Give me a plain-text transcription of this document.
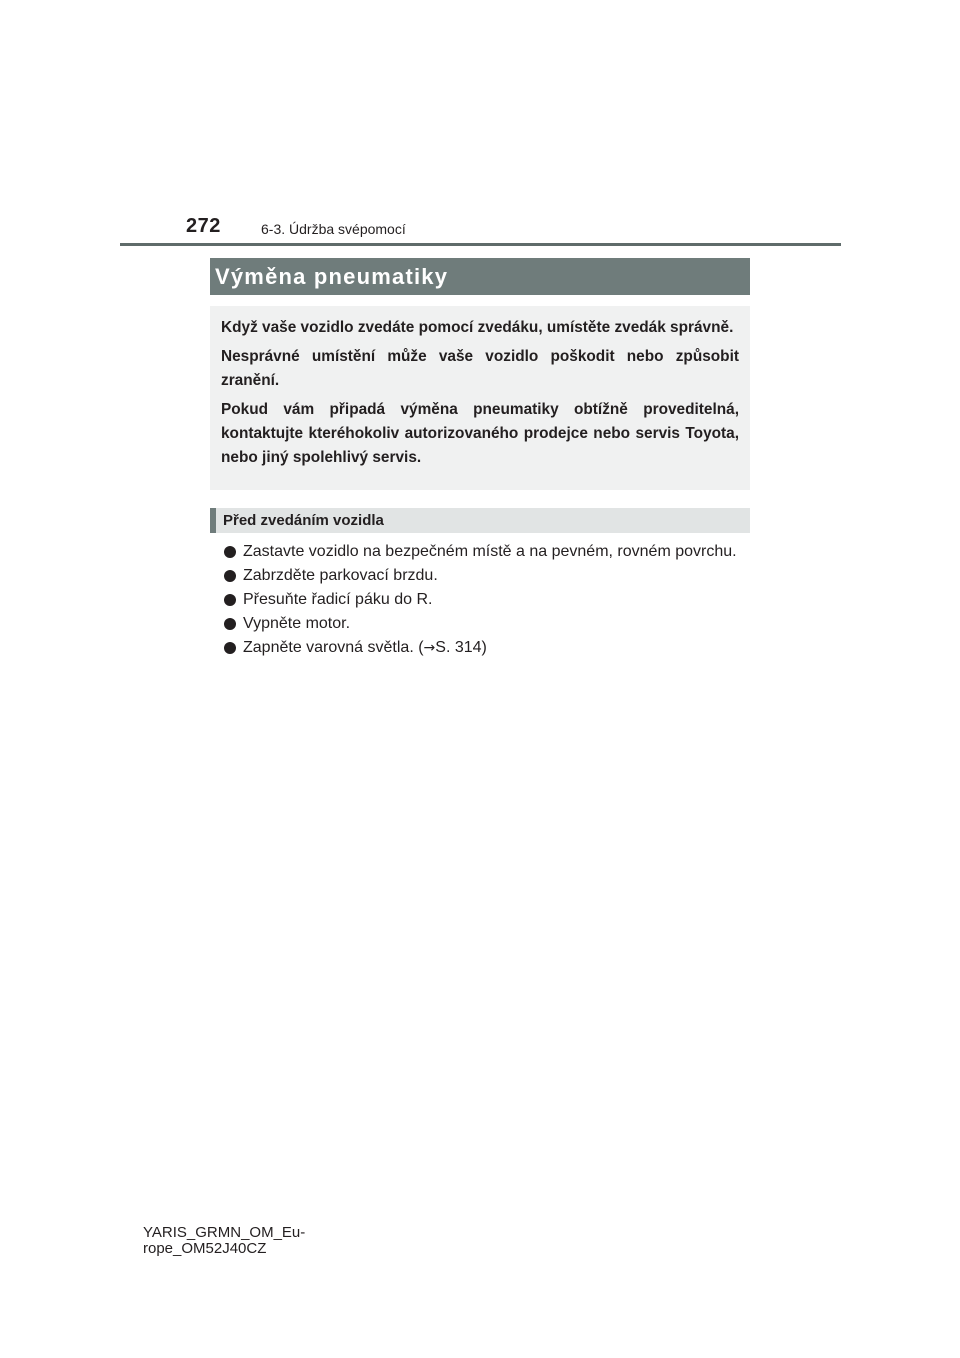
272	6-3. Údržba svépomocí
Výměna pneumatiky

Když vaše vozidlo zvedáte pomocí zvedáku, umístěte zvedák správně.

Nesprávné umístění může vaše vozidlo poškodit nebo způsobit zranění.

Pokud vám připadá výměna pneumatiky obtížně proveditelná, kontaktujte kteréhokoliv autorizovaného prodejce nebo servis Toyota, nebo jiný spolehlivý servis.

Před zvedáním vozidla
Zastavte vozidlo na bezpečném místě a na pevném, rovném povrchu.
Zabrzděte parkovací brzdu.
Přesuňte řadicí páku do R.
Vypněte motor.
Zapněte varovná světla. (→S. 314)
YARIS_GRMN_OM_Eu-
rope_OM52J40CZ
